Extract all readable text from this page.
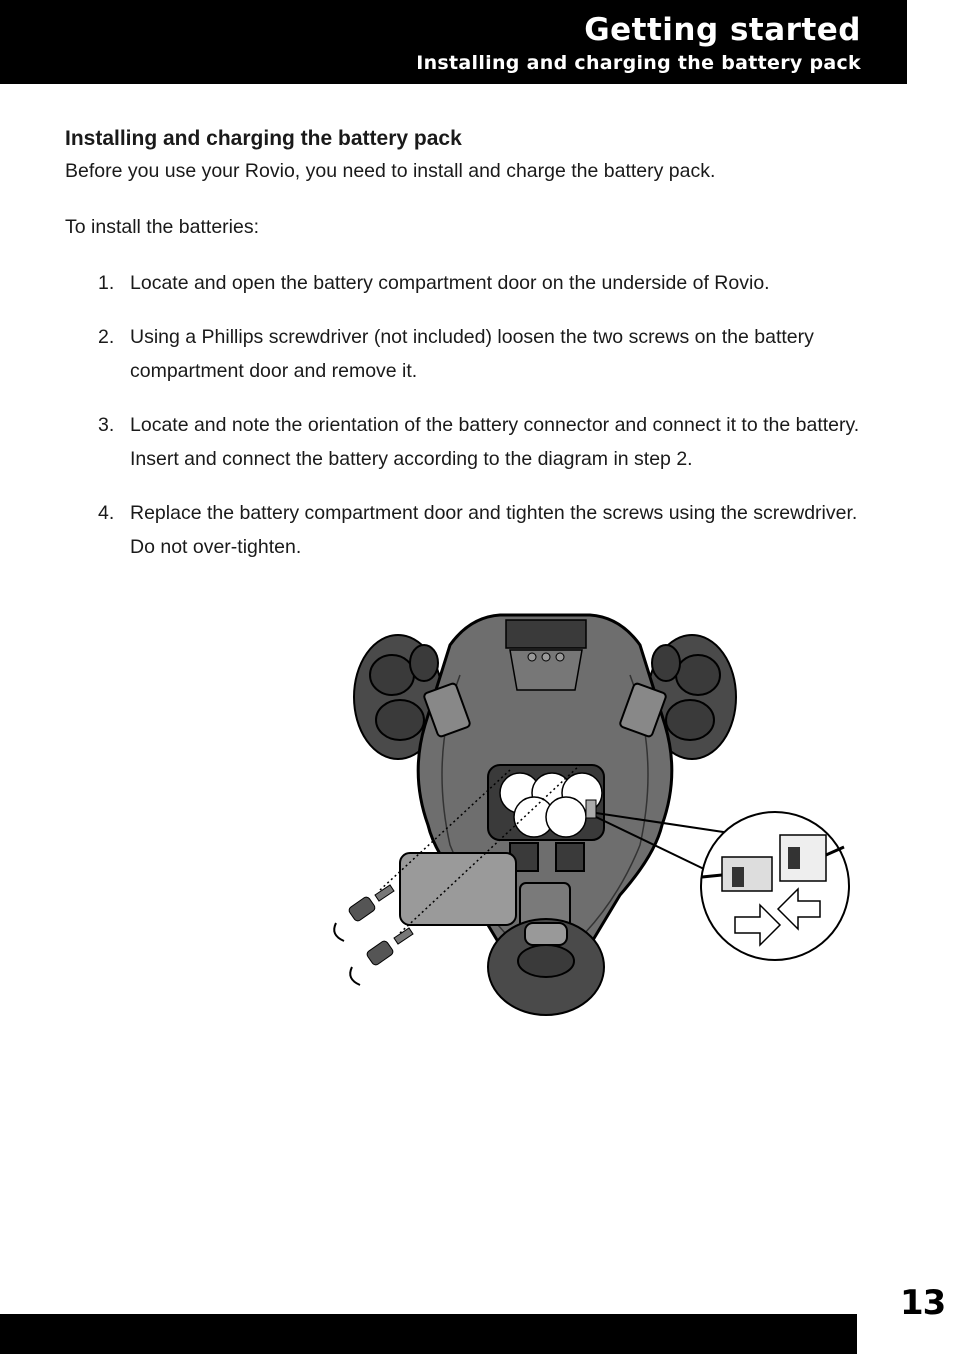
Getting started
Installing and charging the battery pack
Installing and charging the battery pack

Before you use your Rovio, you need to install and charge the battery pack.

To install the batteries:

1. Locate and open the battery compartment door on the underside of Rovio.
2. Using a Phillips screwdriver (not included) loosen the two screws on the battery compartment door and remove it.
3. Locate and note the orientation of the battery connector and connect it to the battery. Insert and connect the battery according to the diagram in step 2.
4. Replace the battery compartment door and tighten the screws using the screwdriver. Do not over-tighten.
13
